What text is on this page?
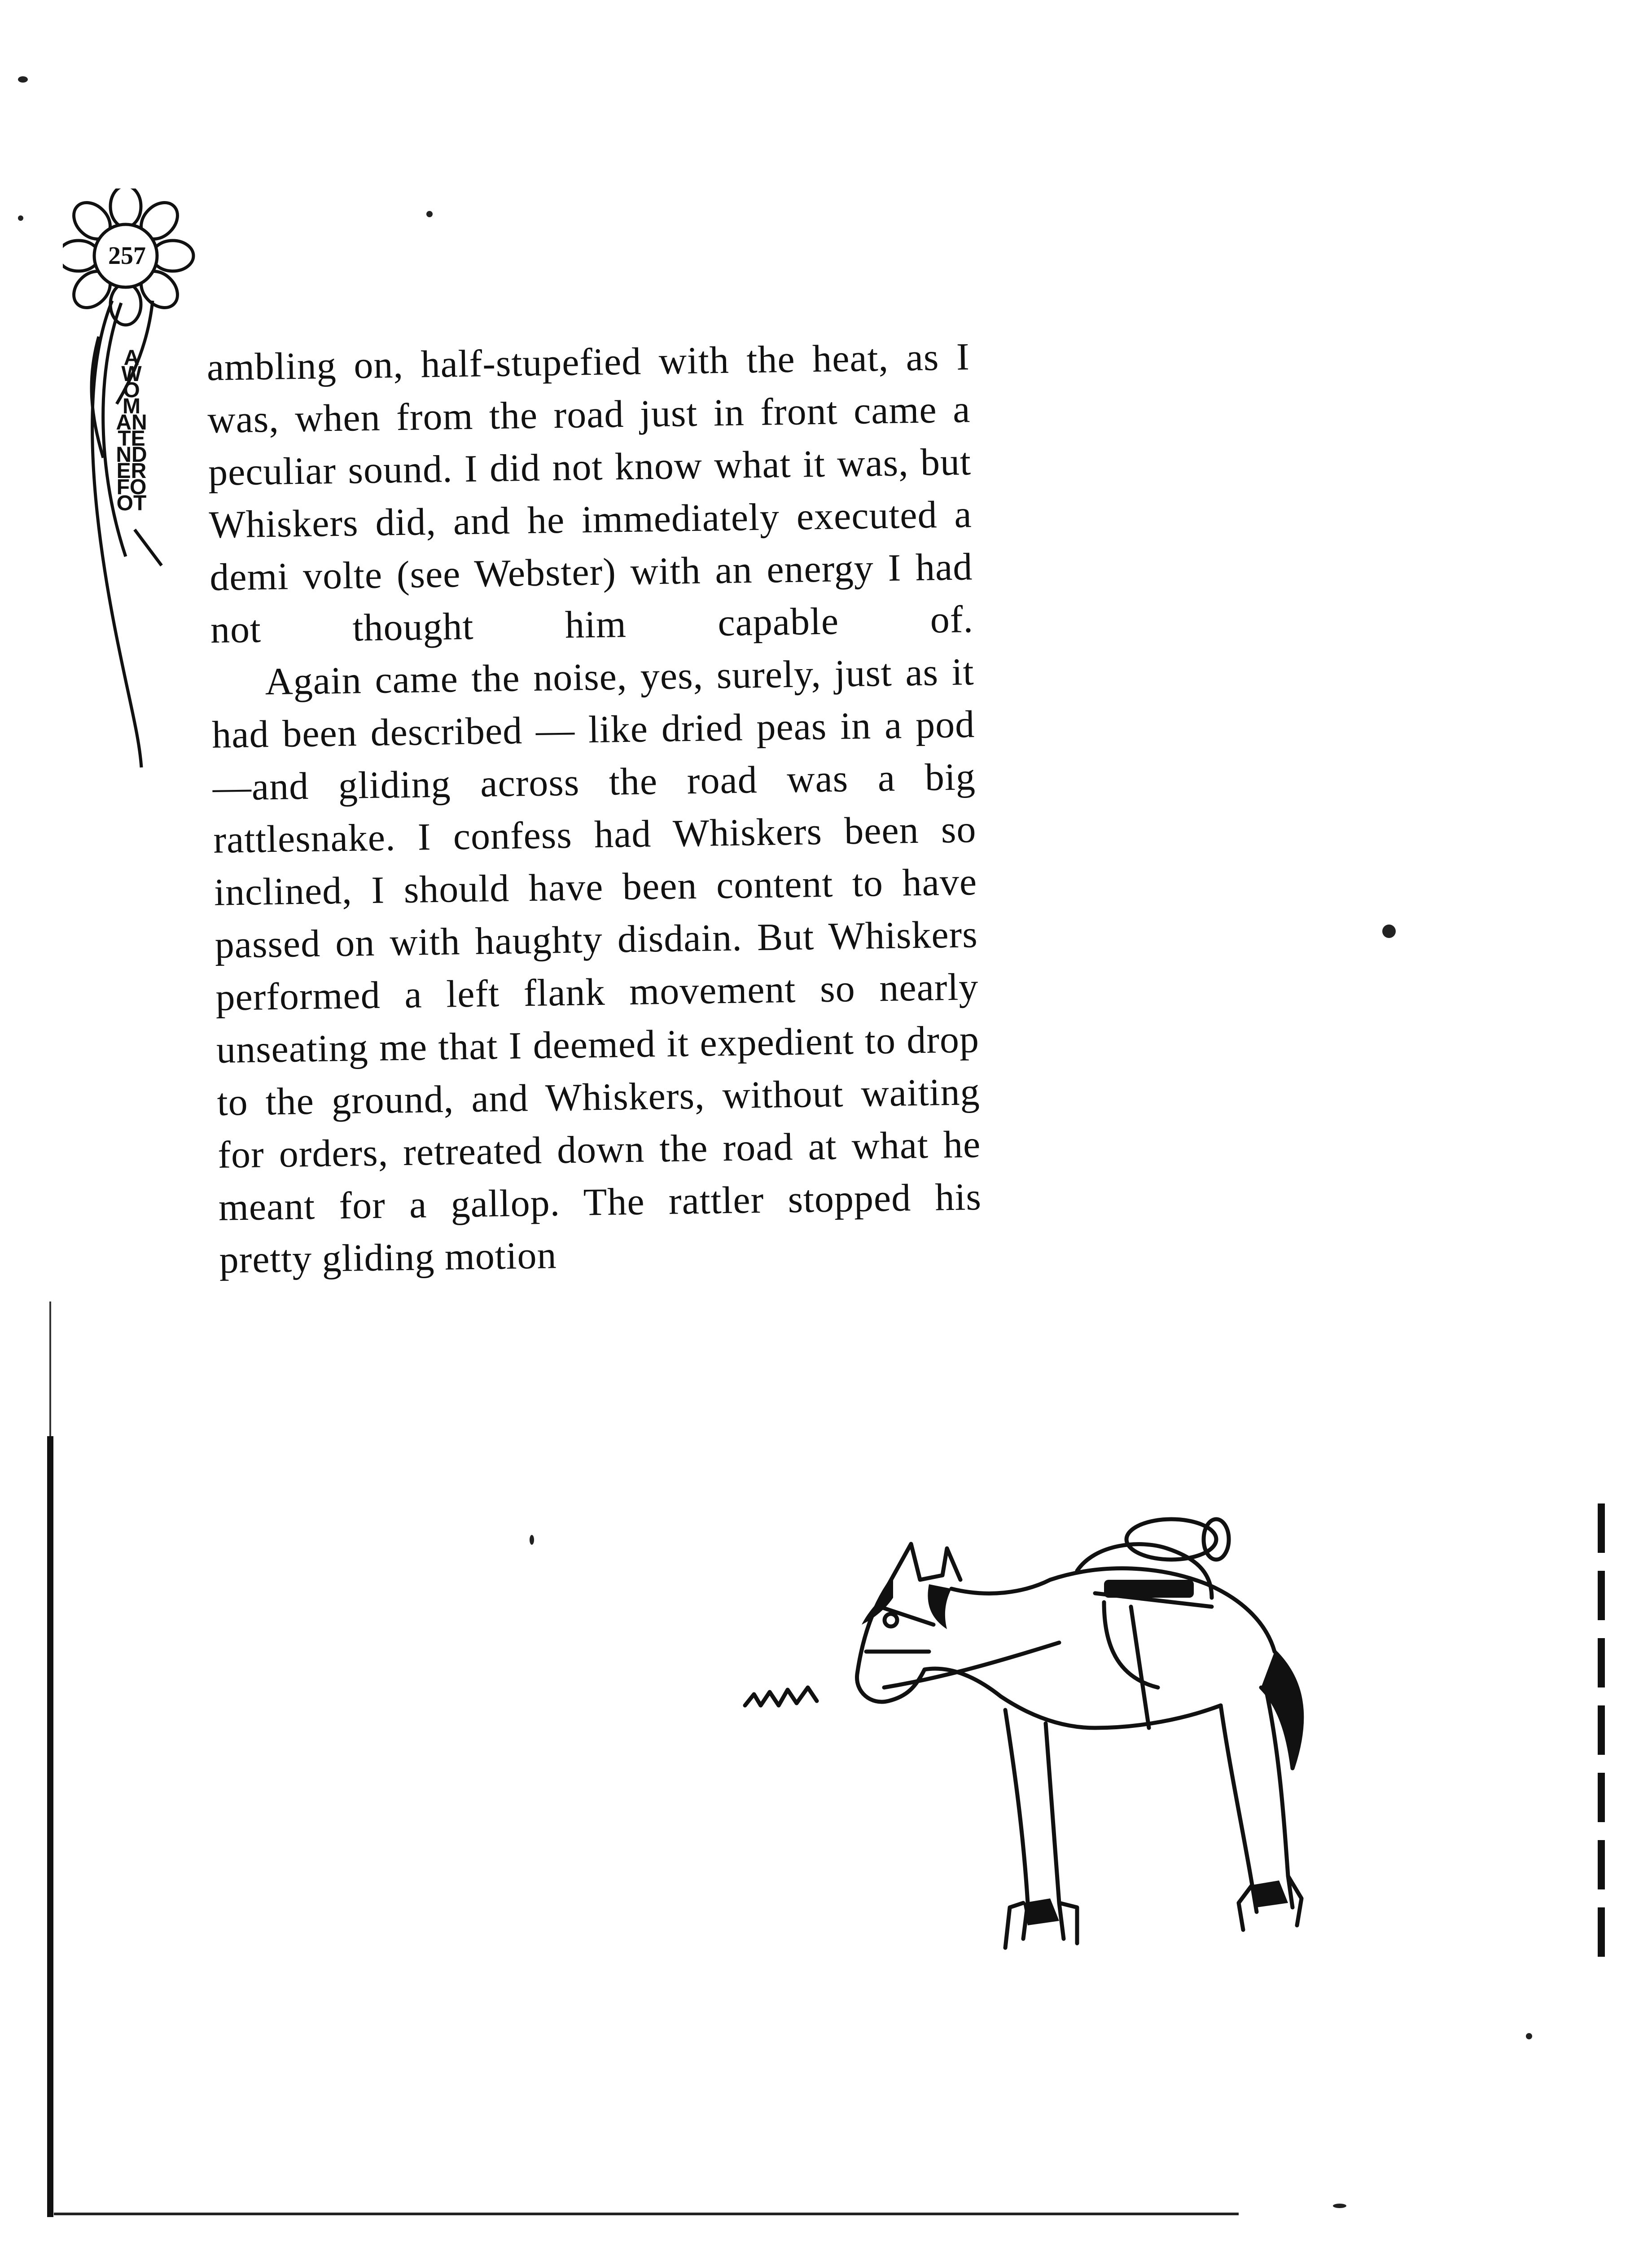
257
A WOMAN TENDERFOOT

ambling on, half-stupefied with the heat, as I was, when from the road just in front came a peculiar sound. I did not know what it was, but Whiskers did, and he immediately executed a demi volte (see Webster) with an energy I had not thought him capable of.

Again came the noise, yes, surely, just as it had been described — like dried peas in a pod—and gliding across the road was a big rattlesnake. I confess had Whiskers been so inclined, I should have been content to have passed on with haughty disdain. But Whiskers performed a left flank movement so nearly unseating me that I deemed it expedient to drop to the ground, and Whiskers, without waiting for orders, retreated down the road at what he meant for a gallop. The rattler stopped his pretty gliding motion
